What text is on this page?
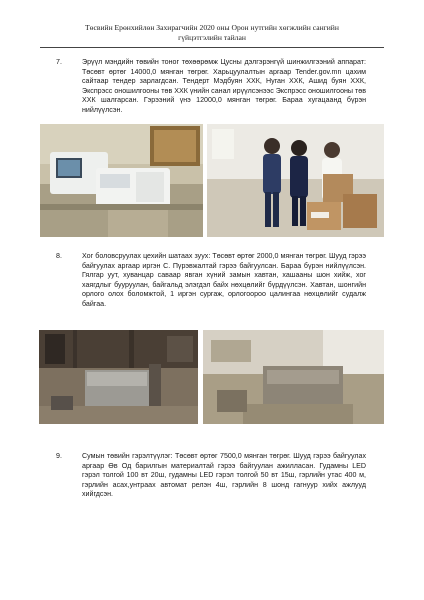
Төсвийн Ерөнхийлөн Захирагчийн 2020 оны Орон нутгийн хөгжлийн сангийн
гүйцэтгэлийн тайлан
7.	Эрүүл мэндийн төвийн тоног төхөөрөмж Цусны дэлгэрэнгүй шинжилгээний аппарат: Төсөвт өртөг 14000,0 мянган төгрөг. Харьцуулалтын аргаар Tender.gov.mn цахим сайтаар тендер зарлагдсан. Тендерт Мэдбуян ХХК, Нуган ХХК, Ашид буян ХХК, Экспрэсс оношилгооны төв ХХК үнийн санал ирүүлсэнээс Экспрэсс оношилгооны төв ХХК шалгарсан. Гэрээний үнэ 12000,0 мянган төгрөг. Бараа хугацаанд бүрэн нийлүүлсэн.
8.	Хог боловсруулах цехийн шатаах зуух: Төсөвт өртөг 2000,0 мянган төгрөг. Шууд гэрээ байгуулах аргаар иргэн С. Пүрэвжалтай гэрээ байгуулсан. Бараа бүрэн нийлүүлсэн. Гялгар уут, хуванцар саваар явган хүний замын хавтан, хашааны шон хийж, хог хаягдлыг бууруулан, байгальд элэгдэл байх нөхцөлийг бүрдүүлсэн. Хавтан, шонгийн орлого олох боломжтой, 1 иргэн сургаж, орлогоороо цалингаа нөхцөлийг судалж байгаа.
9.	Сумын төвийн гэрэлтүүлэг: Төсөвт өртөг 7500,0 мянган төгрөг. Шууд гэрээ байгуулах аргаар Өв Од барилгын материалтай гэрээ байгуулан ажилласан. Гудамны LED гэрэл толгой 100 вт 20ш, гудамны LED гэрэл толгой 50 вт 15ш, гэрлийн утас 400 м, гэрлийн асах,унтраах автомат релэн 4ш, гэрлийн 8 шонд гагнуур хийх ажлууд хийгдсэн.
